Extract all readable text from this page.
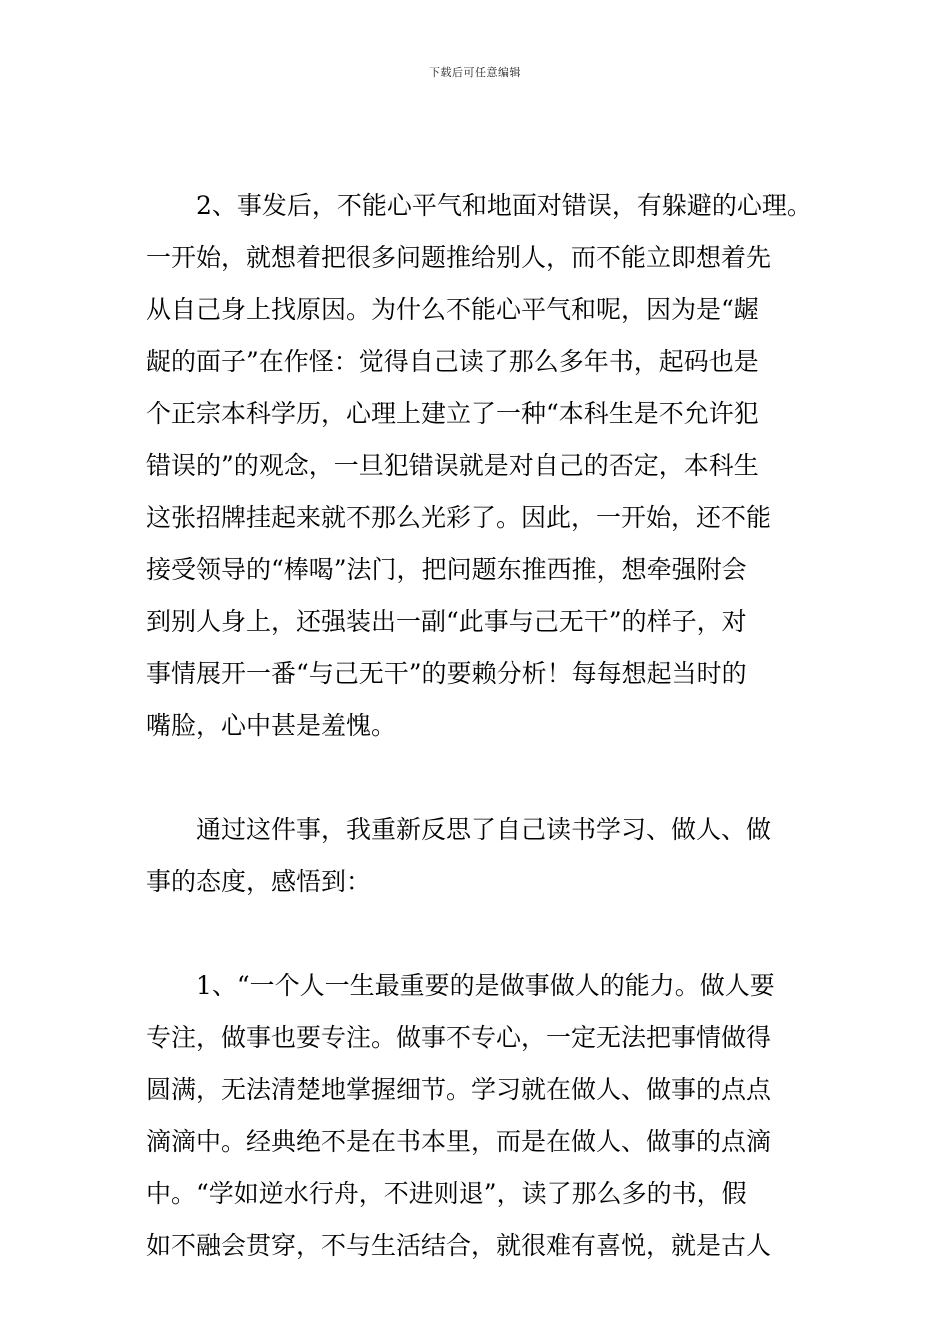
下载后可任意编辑
2、事发后，不能心平气和地面对错误，有躲避的心理。
一开始，就想着把很多问题推给别人，而不能立即想着先
从自己身上找原因。为什么不能心平气和呢，因为是“龌
龊的面子”在作怪：觉得自己读了那么多年书，起码也是
个正宗本科学历，心理上建立了一种“本科生是不允许犯
错误的”的观念，一旦犯错误就是对自己的否定，本科生
这张招牌挂起来就不那么光彩了。因此，一开始，还不能
接受领导的“棒喝”法门，把问题东推西推，想牵强附会
到别人身上，还强装出一副“此事与己无干”的样子，对
事情展开一番“与己无干”的要赖分析！每每想起当时的
嘴脸，心中甚是羞愧。
通过这件事，我重新反思了自己读书学习、做人、做
事的态度，感悟到：
1、“一个人一生最重要的是做事做人的能力。做人要
专注，做事也要专注。做事不专心，一定无法把事情做得
圆满，无法清楚地掌握细节。学习就在做人、做事的点点
滴滴中。经典绝不是在书本里，而是在做人、做事的点滴
中。“学如逆水行舟，不进则退”，读了那么多的书，假
如不融会贯穿，不与生活结合，就很难有喜悦，就是古人
